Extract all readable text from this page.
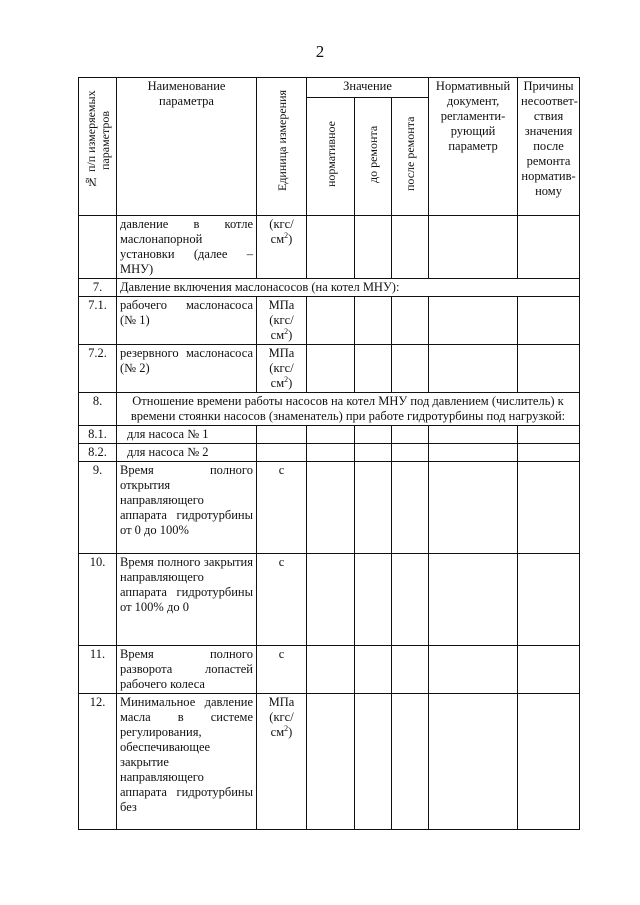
2
№ п/п измеряемых параметров	Наименование параметра	Единица измерения	Значение			Нормативный документ, регламенти-рующий параметр	Причины несоответ-ствия значения после ремонта норматив-ному

			нормативное	до ремонта	после ремонта		

	давление в котле маслонапорной установки (далее – МНУ)	(кгс/
$см^2$)					
7.	Давление включения маслонасосов (на котел МНУ):						
7.1.	рабочего маслонасоса (№ 1)	МПа (кгс/
$см^2$)					
7.2.	резервного маслонасоса (№ 2)	МПа (кгс/
$см^2$)					
8.	Отношение времени работы насосов на котел МНУ под давлением (числитель) к времени стоянки насосов (знаменатель) при работе гидротурбины под нагрузкой:						
8.1.	для насоса № 1						
8.2.	для насоса № 2						
9.	Время полного открытия направляющего аппарата гидротурбины от 0 до 100%	с					
10.	Время полного закрытия направляющего аппарата гидротурбины от 100% до 0	с					
11.	Время полного разворота лопастей рабочего колеса	с					
12.	Минимальное давление масла в системе регулирования, обеспечивающее закрытие направляющего аппарата гидротурбины без	МПа (кгс/
$см^2$)					
